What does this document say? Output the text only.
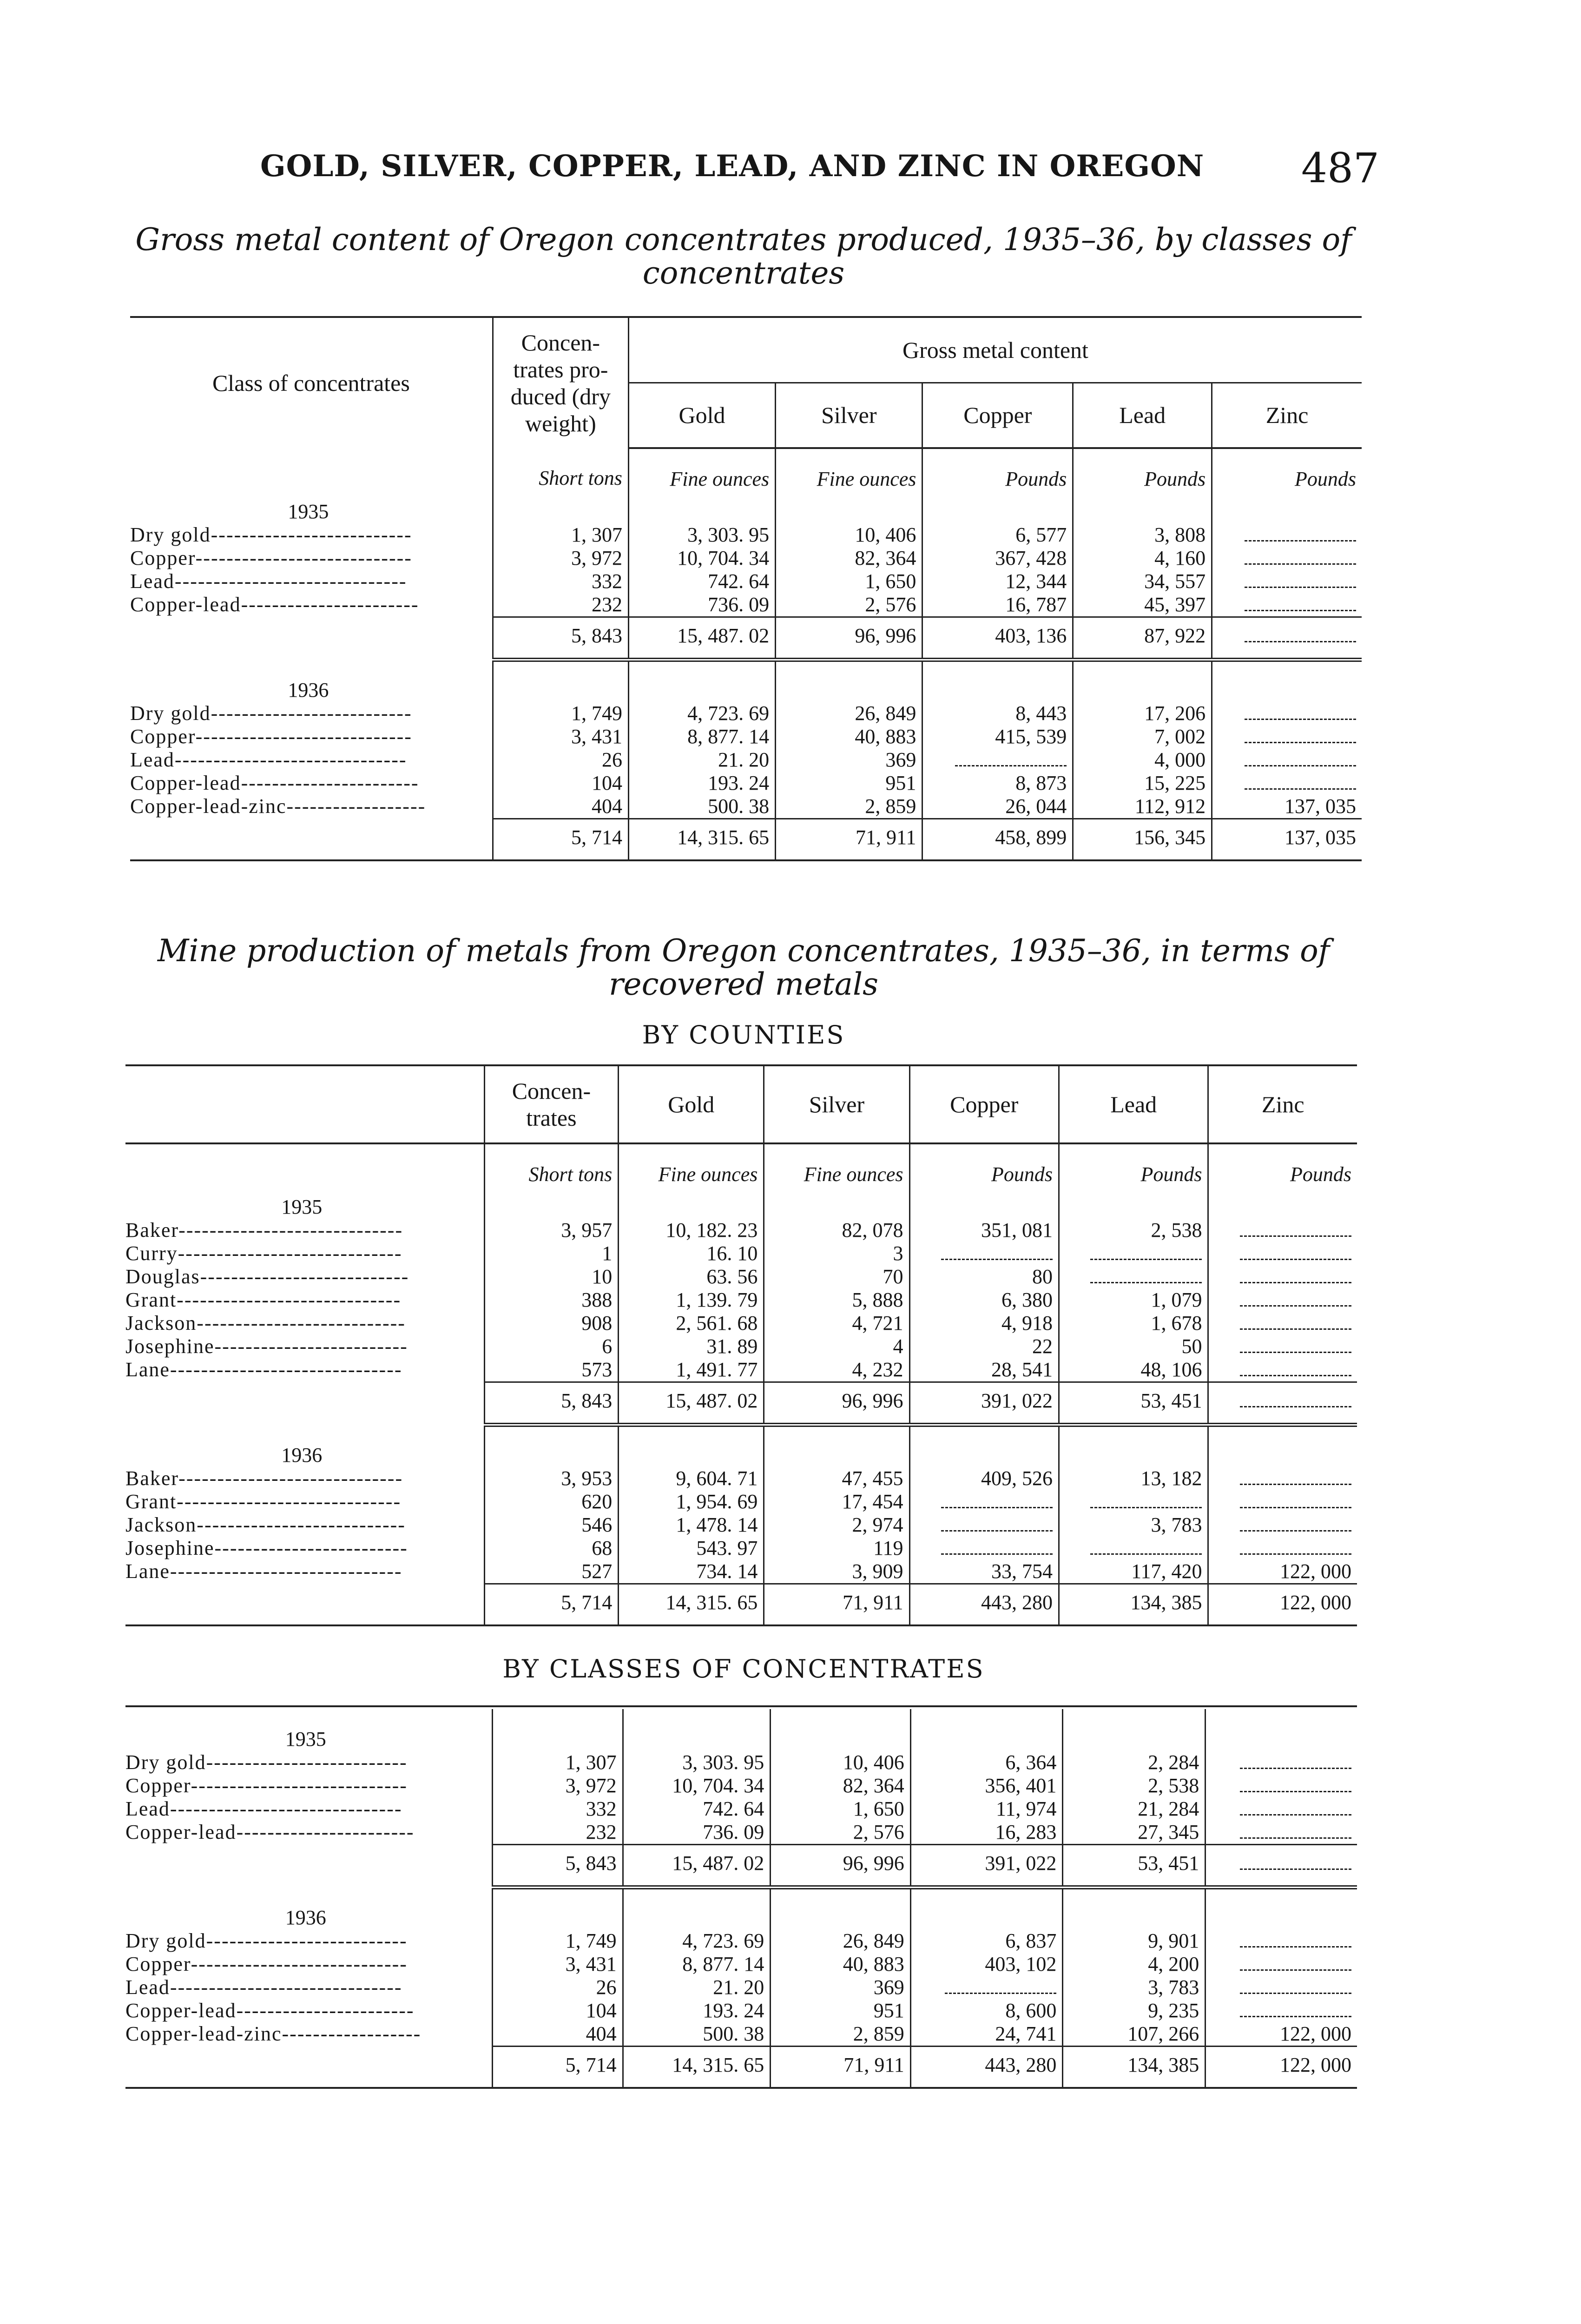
GOLD, SILVER, COPPER, LEAD, AND ZINC IN OREGON 487
Gross metal content of Oregon concentrates produced, 1935–36, by classes of concentrates
Class of concentrates	Concen- trates pro- duced (dry weight)	Gross metal content				
		Gold	Silver	Copper	Lead	Zinc
	Short tons	Fine ounces	Fine ounces	Pounds	Pounds	Pounds
1935						
Dry gold--------------------------	1, 307	3, 303. 95	10, 406	6, 577	3, 808	
Copper----------------------------	3, 972	10, 704. 34	82, 364	367, 428	4, 160	
Lead------------------------------	332	742. 64	1, 650	12, 344	34, 557	
Copper-lead-----------------------	232	736. 09	2, 576	16, 787	45, 397	
	5, 843	15, 487. 02	96, 996	403, 136	87, 922	
1936						
Dry gold--------------------------	1, 749	4, 723. 69	26, 849	8, 443	17, 206	
Copper----------------------------	3, 431	8, 877. 14	40, 883	415, 539	7, 002	
Lead------------------------------	26	21. 20	369		4, 000	
Copper-lead-----------------------	104	193. 24	951	8, 873	15, 225	
Copper-lead-zinc------------------	404	500. 38	2, 859	26, 044	112, 912	137, 035
	5, 714	14, 315. 65	71, 911	458, 899	156, 345	137, 035
Mine production of metals from Oregon concentrates, 1935–36, in terms of recovered metals
BY COUNTIES
	Concen- trates	Gold	Silver	Copper	Lead	Zinc
	Short tons	Fine ounces	Fine ounces	Pounds	Pounds	Pounds
1935						
Baker-----------------------------	3, 957	10, 182. 23	82, 078	351, 081	2, 538	
Curry-----------------------------	1	16. 10	3			
Douglas---------------------------	10	63. 56	70	80		
Grant-----------------------------	388	1, 139. 79	5, 888	6, 380	1, 079	
Jackson---------------------------	908	2, 561. 68	4, 721	4, 918	1, 678	
Josephine-------------------------	6	31. 89	4	22	50	
Lane------------------------------	573	1, 491. 77	4, 232	28, 541	48, 106	
	5, 843	15, 487. 02	96, 996	391, 022	53, 451	
1936						
Baker-----------------------------	3, 953	9, 604. 71	47, 455	409, 526	13, 182	
Grant-----------------------------	620	1, 954. 69	17, 454			
Jackson---------------------------	546	1, 478. 14	2, 974		3, 783	
Josephine-------------------------	68	543. 97	119			
Lane------------------------------	527	734. 14	3, 909	33, 754	117, 420	122, 000
	5, 714	14, 315. 65	71, 911	443, 280	134, 385	122, 000
BY CLASSES OF CONCENTRATES

1935						
Dry gold--------------------------	1, 307	3, 303. 95	10, 406	6, 364	2, 284	
Copper----------------------------	3, 972	10, 704. 34	82, 364	356, 401	2, 538	
Lead------------------------------	332	742. 64	1, 650	11, 974	21, 284	
Copper-lead-----------------------	232	736. 09	2, 576	16, 283	27, 345	
	5, 843	15, 487. 02	96, 996	391, 022	53, 451	
1936						
Dry gold--------------------------	1, 749	4, 723. 69	26, 849	6, 837	9, 901	
Copper----------------------------	3, 431	8, 877. 14	40, 883	403, 102	4, 200	
Lead------------------------------	26	21. 20	369		3, 783	
Copper-lead-----------------------	104	193. 24	951	8, 600	9, 235	
Copper-lead-zinc------------------	404	500. 38	2, 859	24, 741	107, 266	122, 000
	5, 714	14, 315. 65	71, 911	443, 280	134, 385	122, 000
